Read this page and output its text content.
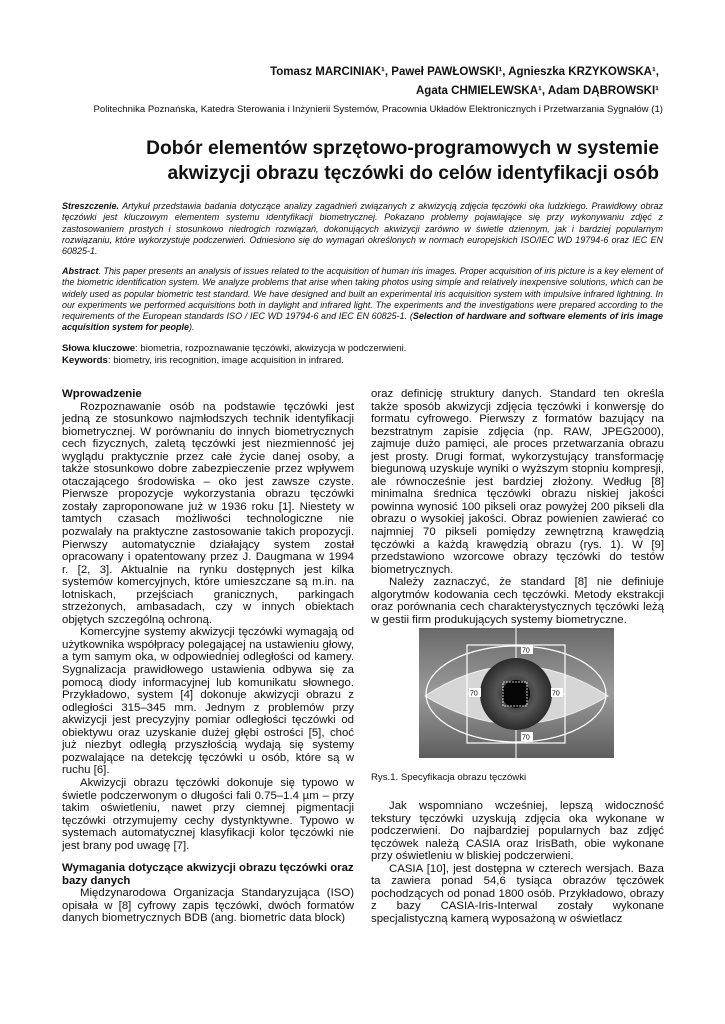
Tomasz MARCINIAK¹, Paweł PAWŁOWSKI¹, Agnieszka KRZYKOWSKA¹,
Agata CHMIELEWSKA¹, Adam DĄBROWSKI¹
Politechnika Poznańska, Katedra Sterowania i Inżynierii Systemów, Pracownia Układów Elektronicznych i Przetwarzania Sygnałów (1)
Dobór elementów sprzętowo-programowych w systemie
akwizycji obrazu tęczówki do celów identyfikacji osób
Streszczenie. Artykuł przedstawia badania dotyczące analizy zagadnień związanych z akwizycją zdjęcia tęczówki oka ludzkiego. Prawidłowy obraz tęczówki jest kluczowym elementem systemu identyfikacji biometrycznej. Pokazano problemy pojawiające się przy wykonywaniu zdjęć z zastosowaniem prostych i stosunkowo niedrogich rozwiązań, dokonujących akwizycji zarówno w świetle dziennym, jak i bardziej popularnym rozwiązaniu, które wykorzystuje podczerwień. Odniesiono się do wymagań określonych w normach europejskich ISO/IEC WD 19794-6 oraz IEC EN 60825-1.
Abstract. This paper presents an analysis of issues related to the acquisition of human iris images. Proper acquisition of iris picture is a key element of the biometric identification system. We analyze problems that arise when taking photos using simple and relatively inexpensive solutions, which can be widely used as popular biometric test standard. We have designed and built an experimental iris acquisition system with impulsive infrared lightning. In our experiments we performed acquisitions both in daylight and infrared light. The experiments and the investigations were prepared according to the requirements of the European standards ISO / IEC WD 19794-6 and IEC EN 60825-1. (Selection of hardware and software elements of iris image acquisition system for people).
Słowa kluczowe: biometria, rozpoznawanie tęczówki, akwizycja w podczerwieni.
Keywords: biometry, iris recognition, image acquisition in infrared.
Wprowadzenie

Rozpoznawanie osób na podstawie tęczówki jest jedną ze stosunkowo najmłodszych technik identyfikacji biometrycznej. W porównaniu do innych biometrycznych cech fizycznych, zaletą tęczówki jest niezmienność jej wyglądu praktycznie przez całe życie danej osoby, a także stosunkowo dobre zabezpieczenie przez wpływem otaczającego środowiska – oko jest zawsze czyste. Pierwsze propozycje wykorzystania obrazu tęczówki zostały zaproponowane już w 1936 roku [1]. Niestety w tamtych czasach możliwości technologiczne nie pozwalały na praktyczne zastosowanie takich propozycji. Pierwszy automatycznie działający system został opracowany i opatentowany przez J. Daugmana w 1994 r. [2, 3]. Aktualnie na rynku dostępnych jest kilka systemów komercyjnych, które umieszczane są m.in. na lotniskach, przejściach granicznych, parkingach strzeżonych, ambasadach, czy w innych obiektach objętych szczególną ochroną.

Komercyjne systemy akwizycji tęczówki wymagają od użytkownika współpracy polegającej na ustawieniu głowy, a tym samym oka, w odpowiedniej odległości od kamery. Sygnalizacja prawidłowego ustawienia odbywa się za pomocą diody informacyjnej lub komunikatu słownego. Przykładowo, system [4] dokonuje akwizycji obrazu z odległości 315–345 mm. Jednym z problemów przy akwizycji jest precyzyjny pomiar odległości tęczówki od obiektywu oraz uzyskanie dużej głębi ostrości [5], choć już niezbyt odległą przyszłością wydają się systemy pozwalające na detekcję tęczówki u osób, które są w ruchu [6].

Akwizycji obrazu tęczówki dokonuje się typowo w świetle podczerwonym o długości fali 0.75–1.4 µm – przy takim oświetleniu, nawet przy ciemnej pigmentacji tęczówki otrzymujemy cechy dystynktywne. Typowo w systemach automatycznej klasyfikacji kolor tęczówki nie jest brany pod uwagę [7].

Wymagania dotyczące akwizycji obrazu tęczówki oraz bazy danych

Międzynarodowa Organizacja Standaryzująca (ISO) opisała w [8] cyfrowy zapis tęczówki, dwóch formatów danych biometrycznych BDB (ang. biometric data block)

oraz definicję struktury danych. Standard ten określa także sposób akwizycji zdjęcia tęczówki i konwersję do formatu cyfrowego. Pierwszy z formatów bazujący na bezstratnym zapisie zdjęcia (np. RAW, JPEG2000), zajmuje dużo pamięci, ale proces przetwarzania obrazu jest prosty. Drugi format, wykorzystujący transformację biegunową uzyskuje wyniki o wyższym stopniu kompresji, ale równocześnie jest bardziej złożony. Według [8] minimalna średnica tęczówki obrazu niskiej jakości powinna wynosić 100 pikseli oraz powyżej 200 pikseli dla obrazu o wysokiej jakości. Obraz powienien zawierać co najmniej 70 pikseli pomiędzy zewnętrzną krawędzią tęczówki a każdą krawędzią obrazu (rys. 1). W [9] przedstawiono wzorcowe obrazy tęczówki do testów biometrycznych.

Należy zaznaczyć, że standard [8] nie definiuje algorytmów kodowania cech tęczówki. Metody ekstrakcji oraz porównania cech charakterystycznych tęczówki leżą w gestii firm produkujących systemy biometryczne.

70
70	70
70
Rys.1. Specyfikacja obrazu tęczówki

Jak wspomniano wcześniej, lepszą widoczność tekstury tęczówki uzyskują zdjęcia oka wykonane w podczerwieni. Do najbardziej popularnych baz zdjęć tęczówek należą CASIA oraz IrisBath, obie wykonane przy oświetleniu w bliskiej podczerwieni.

CASIA [10], jest dostępna w czterech wersjach. Baza ta zawiera ponad 54,6 tysiąca obrazów tęczówek pochodzących od ponad 1800 osób. Przykładowo, obrazy z bazy CASIA-Iris-Interwal zostały wykonane specjalistyczną kamerą wyposażoną w oświetlacz
